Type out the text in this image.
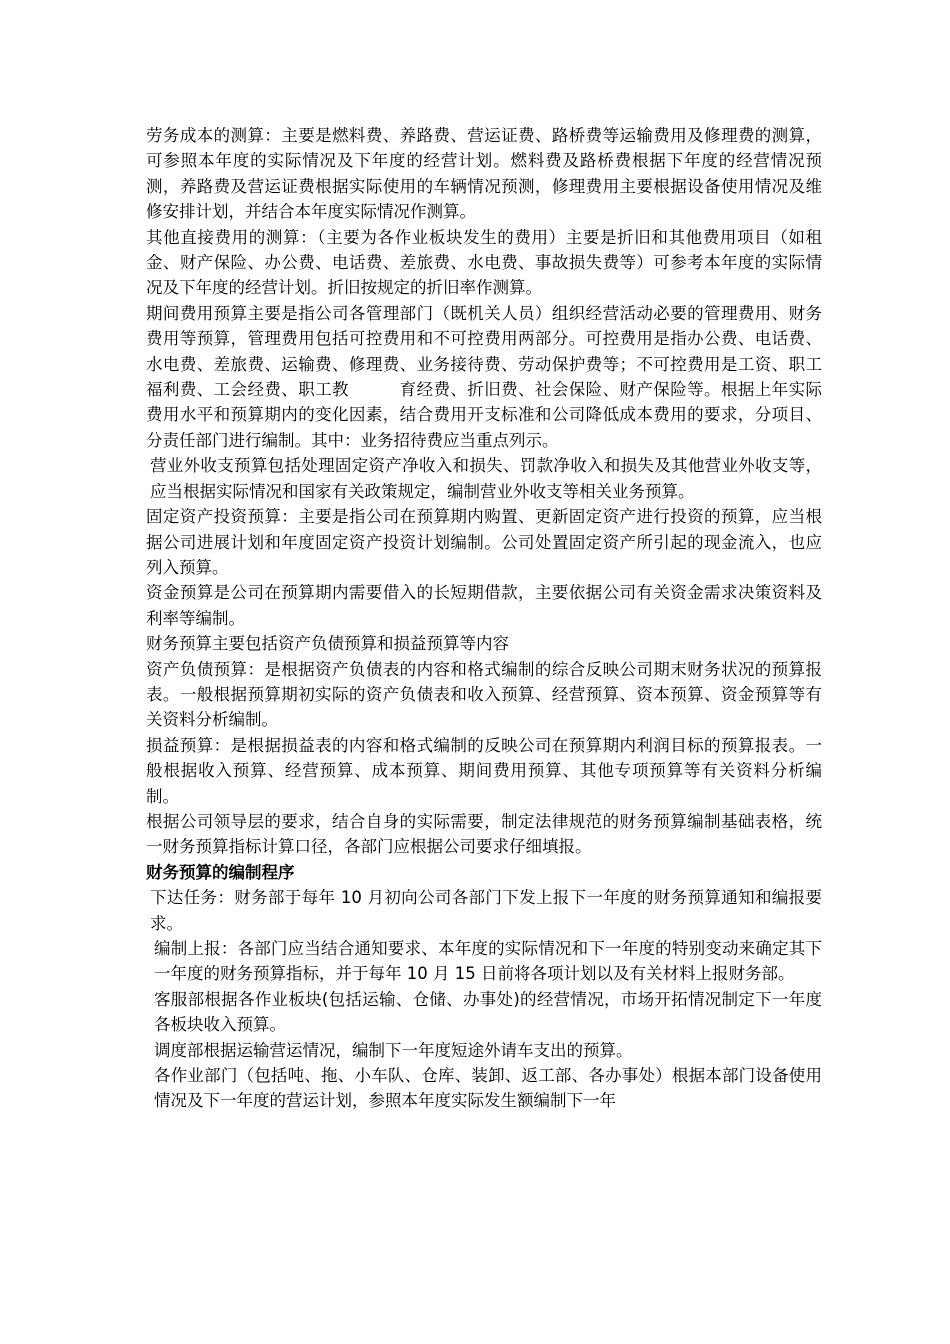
劳务成本的测算：主要是燃料费、养路费、营运证费、路桥费等运输费用及修理费的测算，可参照本年度的实际情况及下年度的经营计划。燃料费及路桥费根据下年度的经营情况预测，养路费及营运证费根据实际使用的车辆情况预测，修理费用主要根据设备使用情况及维修安排计划，并结合本年度实际情况作测算。

其他直接费用的测算：（主要为各作业板块发生的费用）主要是折旧和其他费用项目（如租金、财产保险、办公费、电话费、差旅费、水电费、事故损失费等）可参考本年度的实际情况及下年度的经营计划。折旧按规定的折旧率作测算。

期间费用预算主要是指公司各管理部门（既机关人员）组织经营活动必要的管理费用、财务费用等预算，管理费用包括可控费用和不可控费用两部分。可控费用是指办公费、电话费、水电费、差旅费、运输费、修理费、业务接待费、劳动保护费等；不可控费用是工资、职工福利费、工会经费、职工教　　　育经费、折旧费、社会保险、财产保险等。根据上年实际费用水平和预算期内的变化因素，结合费用开支标准和公司降低成本费用的要求，分项目、分责任部门进行编制。其中：业务招待费应当重点列示。

营业外收支预算包括处理固定资产净收入和损失、罚款净收入和损失及其他营业外收支等，应当根据实际情况和国家有关政策规定，编制营业外收支等相关业务预算。

固定资产投资预算：主要是指公司在预算期内购置、更新固定资产进行投资的预算，应当根据公司进展计划和年度固定资产投资计划编制。公司处置固定资产所引起的现金流入，也应列入预算。

资金预算是公司在预算期内需要借入的长短期借款，主要依据公司有关资金需求决策资料及利率等编制。

财务预算主要包括资产负债预算和损益预算等内容

资产负债预算：是根据资产负债表的内容和格式编制的综合反映公司期末财务状况的预算报表。一般根据预算期初实际的资产负债表和收入预算、经营预算、资本预算、资金预算等有关资料分析编制。

损益预算：是根据损益表的内容和格式编制的反映公司在预算期内利润目标的预算报表。一般根据收入预算、经营预算、成本预算、期间费用预算、其他专项预算等有关资料分析编制。

根据公司领导层的要求，结合自身的实际需要，制定法律规范的财务预算编制基础表格，统一财务预算指标计算口径，各部门应根据公司要求仔细填报。

财务预算的编制程序

下达任务：财务部于每年 10 月初向公司各部门下发上报下一年度的财务预算通知和编报要求。

编制上报：各部门应当结合通知要求、本年度的实际情况和下一年度的特别变动来确定其下一年度的财务预算指标，并于每年 10 月 15 日前将各项计划以及有关材料上报财务部。

客服部根据各作业板块(包括运输、仓储、办事处)的经营情况，市场开拓情况制定下一年度各板块收入预算。

调度部根据运输营运情况，编制下一年度短途外请车支出的预算。

各作业部门（包括吨、拖、小车队、仓库、装卸、返工部、各办事处）根据本部门设备使用情况及下一年度的营运计划，参照本年度实际发生额编制下一年
